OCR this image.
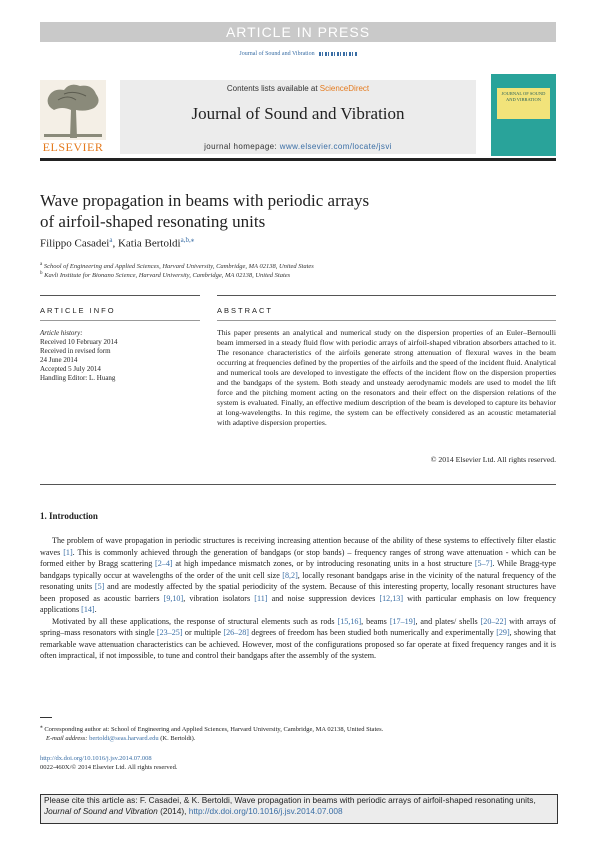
ARTICLE IN PRESS
Journal of Sound and Vibration
ELSEVIER
Contents lists available at ScienceDirect
Journal of Sound and Vibration
journal homepage: www.elsevier.com/locate/jsvi
JOURNAL OF SOUND AND VIBRATION
Wave propagation in beams with periodic arrays
of airfoil-shaped resonating units
Filippo Casadei$^a$, Katia Bertoldi$^{a,b,⁎}$
$^a$ School of Engineering and Applied Sciences, Harvard University, Cambridge, MA 02138, United States
$^b$ Kavli Institute for Bionano Science, Harvard University, Cambridge, MA 02138, United States
ARTICLE INFO	ABSTRACT
Article history:
Received 10 February 2014
Received in revised form
24 June 2014
Accepted 5 July 2014
Handling Editor: L. Huang
This paper presents an analytical and numerical study on the dispersion properties of an Euler–Bernoulli beam immersed in a steady fluid flow with periodic arrays of airfoil-shaped vibration absorbers attached to it. The resonance characteristics of the airfoils generate strong attenuation of flexural waves in the beam occurring at frequencies defined by the properties of the airfoils and the speed of the incident fluid. Analytical and numerical tools are developed to investigate the effects of the incident flow on the dispersion properties and the bandgaps of the system. Both steady and unsteady aerodynamic models are used to model the lift force and the pitching moment acting on the resonators and their effect on the dispersion relations of the system is evaluated. Finally, an effective medium description of the beam is developed to capture its behavior at long-wavelengths. In this regime, the system can be effectively considered as an acoustic metamaterial with adaptive dispersion properties.
© 2014 Elsevier Ltd. All rights reserved.
1. Introduction

The problem of wave propagation in periodic structures is receiving increasing attention because of the ability of these systems to effectively filter elastic waves [1]. This is commonly achieved through the generation of bandgaps (or stop bands) – frequency ranges of strong wave attenuation - which can be formed either by Bragg scattering [2–4] at high impedance mismatch zones, or by introducing resonating units in a host structure [5–7]. While Bragg-type bandgaps typically occur at wavelengths of the order of the unit cell size [8,2], locally resonant bandgaps arise in the vicinity of the natural frequency of the resonating units [5] and are modestly affected by the spatial periodicity of the system. Because of this interesting property, locally resonant structures have been proposed as acoustic barriers [9,10], vibration isolators [11] and noise suppression devices [12,13] with particular emphasis on low frequency applications [14].

Motivated by all these applications, the response of structural elements such as rods [15,16], beams [17–19], and plates/ shells [20–22] with arrays of spring–mass resonators with single [23–25] or multiple [26–28] degrees of freedom has been studied both numerically and experimentally [29], showing that remarkable wave attenuation characteristics can be achieved. However, most of the configurations proposed so far operate at fixed frequency ranges and it is often impractical, if not impossible, to tune and control their bandgaps after the assembly of the system.

⁎ Corresponding author at: School of Engineering and Applied Sciences, Harvard University, Cambridge, MA 02138, United States.
E-mail address: bertoldi@seas.harvard.edu (K. Bertoldi).
http://dx.doi.org/10.1016/j.jsv.2014.07.008
0022-460X/© 2014 Elsevier Ltd. All rights reserved.
Please cite this article as: F. Casadei, & K. Bertoldi, Wave propagation in beams with periodic arrays of airfoil-shaped resonating units, Journal of Sound and Vibration (2014), http://dx.doi.org/10.1016/j.jsv.2014.07.008
